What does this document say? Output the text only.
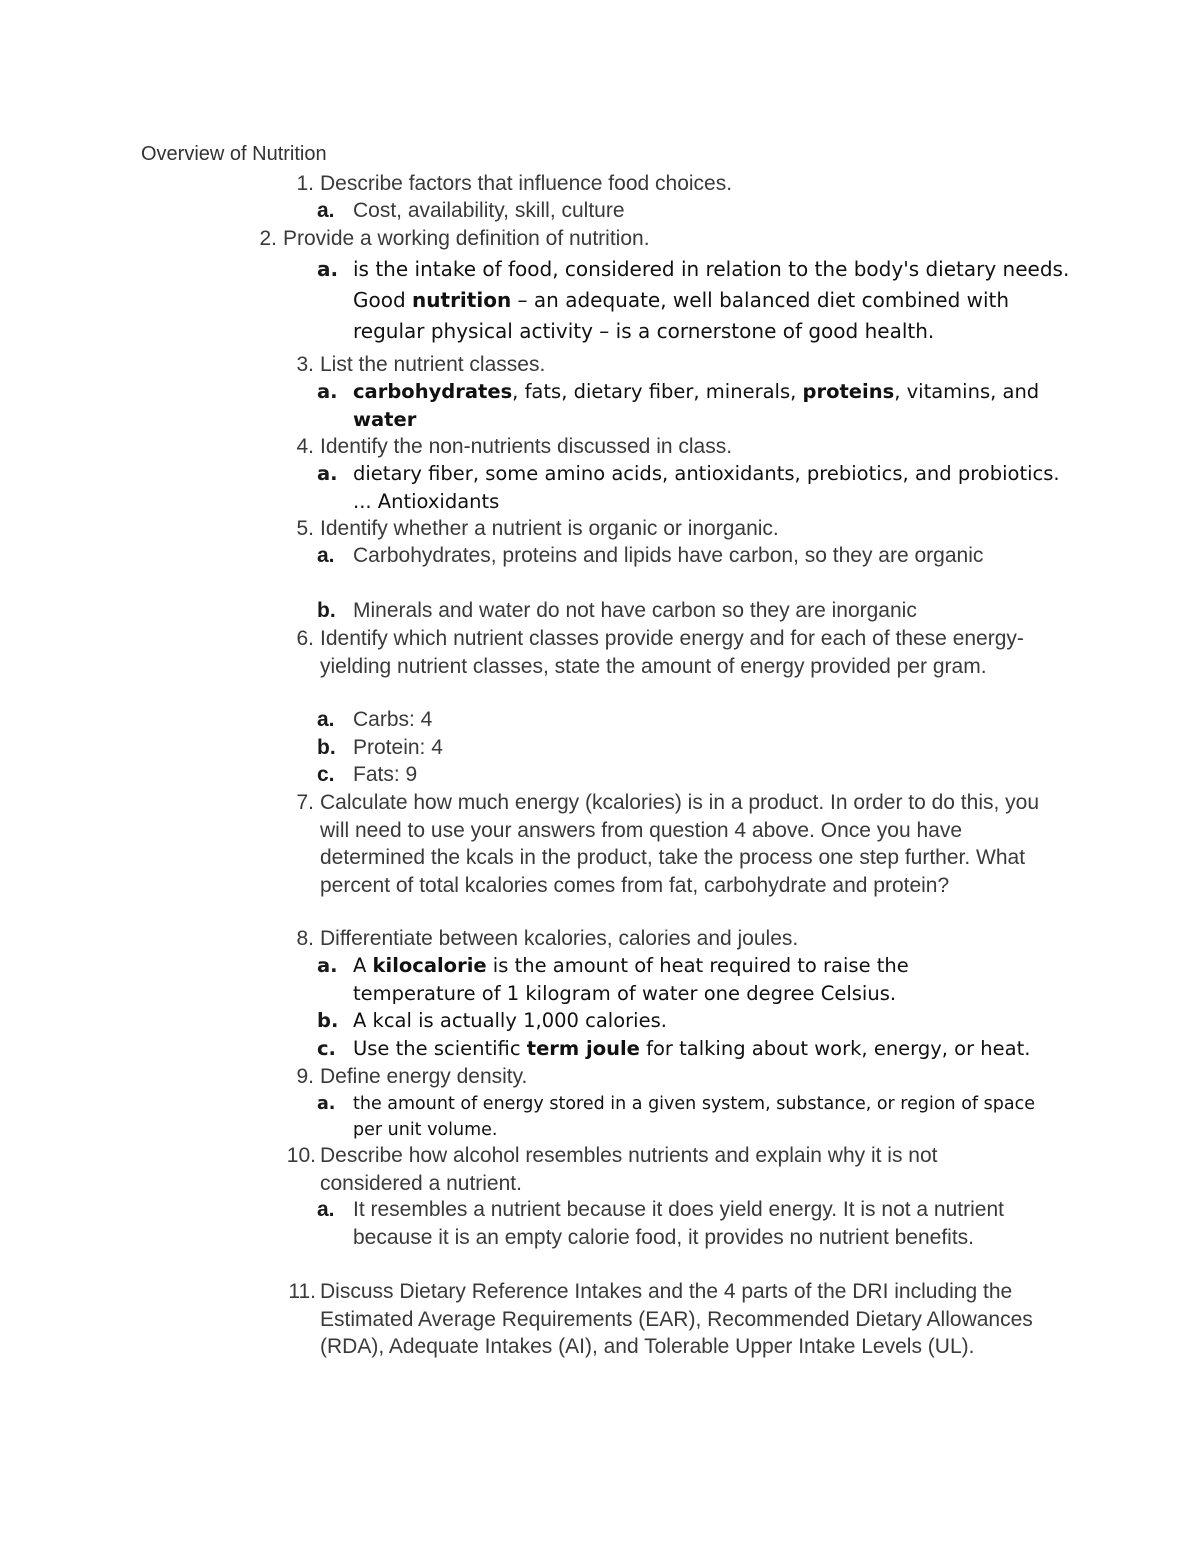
Overview of Nutrition
1. Describe factors that influence food choices.
a. Cost, availability, skill, culture
2. Provide a working definition of nutrition.
a. is the intake of food, considered in relation to the body's dietary needs. Good nutrition – an adequate, well balanced diet combined with regular physical activity – is a cornerstone of good health.
3. List the nutrient classes.
a. carbohydrates, fats, dietary fiber, minerals, proteins, vitamins, and water
4. Identify the non-nutrients discussed in class.
a. dietary fiber, some amino acids, antioxidants, prebiotics, and probiotics. ... Antioxidants
5. Identify whether a nutrient is organic or inorganic.
a. Carbohydrates, proteins and lipids have carbon, so they are organic
b. Minerals and water do not have carbon so they are inorganic
6. Identify which nutrient classes provide energy and for each of these energy-yielding nutrient classes, state the amount of energy provided per gram.
a. Carbs: 4
b. Protein: 4
c. Fats: 9
7. Calculate how much energy (kcalories) is in a product. In order to do this, you will need to use your answers from question 4 above. Once you have determined the kcals in the product, take the process one step further. What percent of total kcalories comes from fat, carbohydrate and protein?
8. Differentiate between kcalories, calories and joules.
a. A kilocalorie is the amount of heat required to raise the temperature of 1 kilogram of water one degree Celsius.
b. A kcal is actually 1,000 calories.
c. Use the scientific term joule for talking about work, energy, or heat.
9. Define energy density.
a. the amount of energy stored in a given system, substance, or region of space per unit volume.
10. Describe how alcohol resembles nutrients and explain why it is not considered a nutrient.
a. It resembles a nutrient because it does yield energy. It is not a nutrient because it is an empty calorie food, it provides no nutrient benefits.
11. Discuss Dietary Reference Intakes and the 4 parts of the DRI including the Estimated Average Requirements (EAR), Recommended Dietary Allowances (RDA), Adequate Intakes (AI), and Tolerable Upper Intake Levels (UL).
